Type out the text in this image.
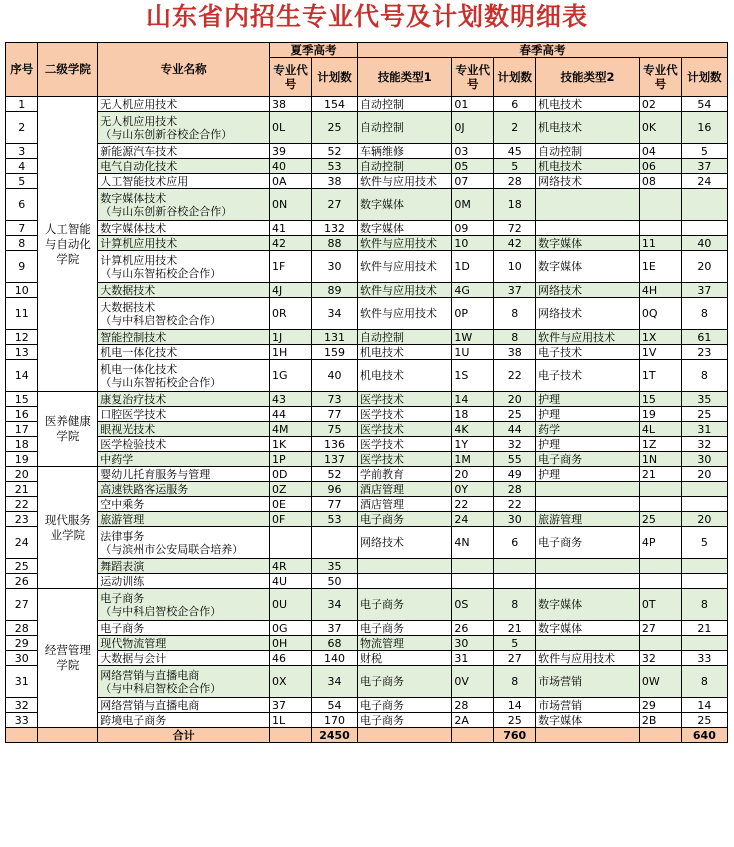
山东省内招生专业代号及计划数明细表
序号	二级学院	专业名称	夏季高考		春季高考					
			专业代号	计划数	技能类型1	专业代号	计划数	技能类型2	专业代号	计划数
1	人工智能与自动化学院	无人机应用技术	38	154	自动控制	01	6	机电技术	02	54
2		无人机应用技术
（与山东创新谷校企合作）	0L	25	自动控制	0J	2	机电技术	0K	16
3		新能源汽车技术	39	52	车辆维修	03	45	自动控制	04	5
4		电气自动化技术	40	53	自动控制	05	5	机电技术	06	37
5		人工智能技术应用	0A	38	软件与应用技术	07	28	网络技术	08	24
6		数字媒体技术
（与山东创新谷校企合作）	0N	27	数字媒体	0M	18			
7		数字媒体技术	41	132	数字媒体	09	72			
8		计算机应用技术	42	88	软件与应用技术	10	42	数字媒体	11	40
9		计算机应用技术
（与山东智拓校企合作）	1F	30	软件与应用技术	1D	10	数字媒体	1E	20
10		大数据技术	4J	89	软件与应用技术	4G	37	网络技术	4H	37
11		大数据技术
（与中科启智校企合作）	0R	34	软件与应用技术	0P	8	网络技术	0Q	8
12		智能控制技术	1J	131	自动控制	1W	8	软件与应用技术	1X	61
13		机电一体化技术	1H	159	机电技术	1U	38	电子技术	1V	23
14		机电一体化技术
（与山东智拓校企合作）	1G	40	机电技术	1S	22	电子技术	1T	8
15	医养健康学院	康复治疗技术	43	73	医学技术	14	20	护理	15	35
16		口腔医学技术	44	77	医学技术	18	25	护理	19	25
17		眼视光技术	4M	75	医学技术	4K	44	药学	4L	31
18		医学检验技术	1K	136	医学技术	1Y	32	护理	1Z	32
19		中药学	1P	137	医学技术	1M	55	电子商务	1N	30
20	现代服务业学院	婴幼儿托育服务与管理	0D	52	学前教育	20	49	护理	21	20
21		高速铁路客运服务	0Z	96	酒店管理	0Y	28			
22		空中乘务	0E	77	酒店管理	22	22			
23		旅游管理	0F	53	电子商务	24	30	旅游管理	25	20
24		法律事务
（与滨州市公安局联合培养）			网络技术	4N	6	电子商务	4P	5
25		舞蹈表演	4R	35						
26		运动训练	4U	50						
27	经营管理学院	电子商务
（与中科启智校企合作）	0U	34	电子商务	0S	8	数字媒体	0T	8
28		电子商务	0G	37	电子商务	26	21	数字媒体	27	21
29		现代物流管理	0H	68	物流管理	30	5			
30		大数据与会计	46	140	财税	31	27	软件与应用技术	32	33
31		网络营销与直播电商
（与中科启智校企合作）	0X	34	电子商务	0V	8	市场营销	0W	8
32		网络营销与直播电商	37	54	电子商务	28	14	市场营销	29	14
33		跨境电子商务	1L	170	电子商务	2A	25	数字媒体	2B	25
		合计		2450			760			640
